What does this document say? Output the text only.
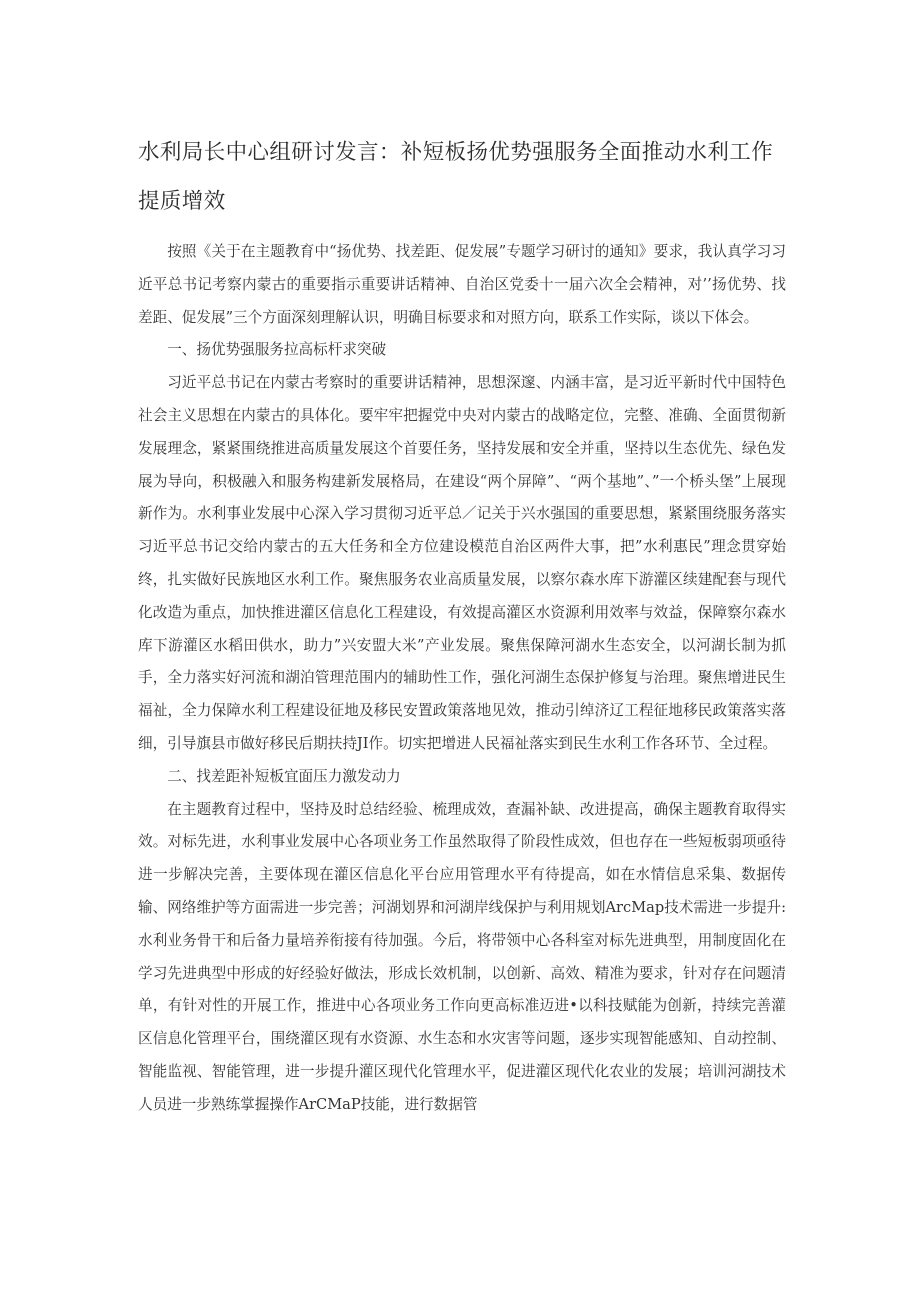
水利局长中心组研讨发言：补短板扬优势强服务全面推动水利工作提质增效

按照《关于在主题教育中“扬优势、找差距、促发展”专题学习研讨的通知》要求，我认真学习习近平总书记考察内蒙古的重要指示重要讲话精神、自治区党委十一届六次全会精神，对’’扬优势、找差距、促发展”三个方面深刻理解认识，明确目标要求和对照方向，联系工作实际，谈以下体会。

一、扬优势强服务拉高标杆求突破

习近平总书记在内蒙古考察时的重要讲话精神，思想深邃、内涵丰富，是习近平新时代中国特色社会主义思想在内蒙古的具体化。要牢牢把握党中央对内蒙古的战略定位，完整、准确、全面贯彻新发展理念，紧紧围绕推进高质量发展这个首要任务，坚持发展和安全并重，坚持以生态优先、绿色发展为导向，积极融入和服务构建新发展格局，在建设“两个屏障”、“两个基地”、”一个桥头堡”上展现新作为。水利事业发展中心深入学习贯彻习近平总／记关于兴水强国的重要思想，紧紧围绕服务落实习近平总书记交给内蒙古的五大任务和全方位建设模范自治区两件大事，把”水利惠民”理念贯穿始终，扎实做好民族地区水利工作。聚焦服务农业高质量发展，以察尔森水库下游灌区续建配套与现代化改造为重点，加快推进灌区信息化工程建设，有效提高灌区水资源利用效率与效益，保障察尔森水库下游灌区水稻田供水，助力”兴安盟大米”产业发展。聚焦保障河湖水生态安全，以河湖长制为抓手，全力落实好河流和湖泊管理范围内的辅助性工作，强化河湖生态保护修复与治理。聚焦增进民生福祉，全力保障水利工程建设征地及移民安置政策落地见效，推动引绰济辽工程征地移民政策落实落细，引导旗县市做好移民后期扶持JI作。切实把增进人民福祉落实到民生水利工作各环节、全过程。

二、找差距补短板宜面压力激发动力

在主题教育过程中，坚持及时总结经验、梳理成效，查漏补缺、改进提高，确保主题教育取得实效。对标先进，水利事业发展中心各项业务工作虽然取得了阶段性成效，但也存在一些短板弱项亟待进一步解决完善，主要体现在灌区信息化平台应用管理水平有待提高，如在水情信息采集、数据传输、网络维护等方面需进一步完善；河湖划界和河湖岸线保护与利用规划ArcMap技术需进一步提升:水利业务骨干和后备力量培养衔接有待加强。今后，将带领中心各科室对标先进典型，用制度固化在学习先进典型中形成的好经验好做法，形成长效机制，以创新、高效、精准为要求，针对存在问题清单，有针对性的开展工作，推进中心各项业务工作向更高标准迈进•以科技赋能为创新，持续完善灌区信息化管理平台，围绕灌区现有水资源、水生态和水灾害等问题，逐步实现智能感知、自动控制、智能监视、智能管理，进一步提升灌区现代化管理水平，促进灌区现代化农业的发展；培训河湖技术人员进一步熟练掌握操作ArCMaP技能，进行数据管
